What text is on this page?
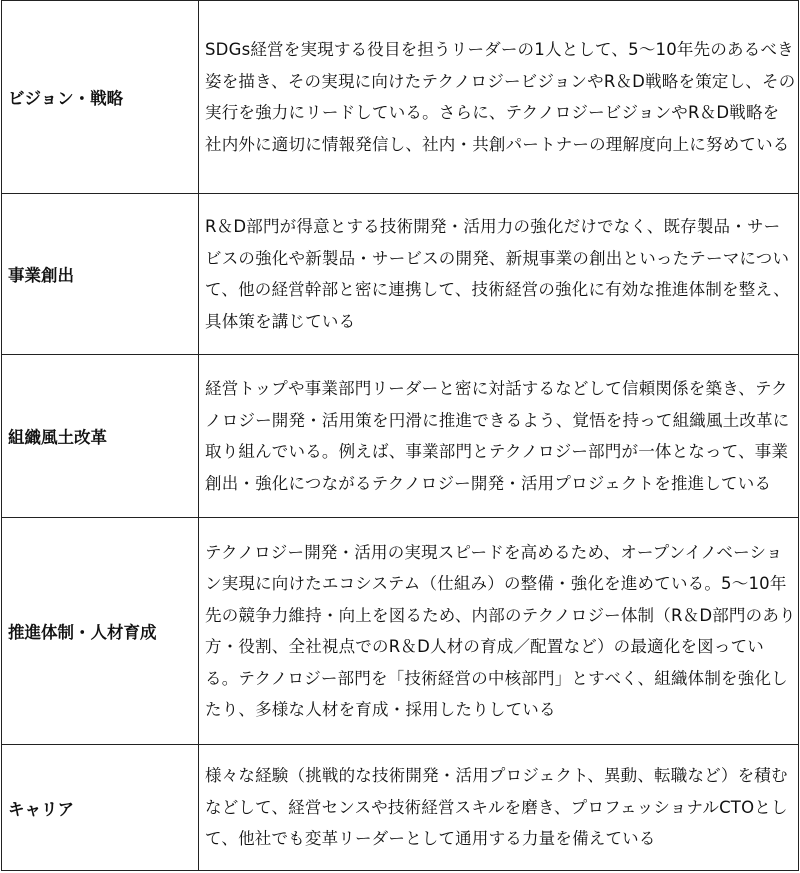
ビジョン・戦略	SDGs経営を実現する役目を担うリーダーの1人として、5～10年先のあるべき姿を描き、その実現に向けたテクノロジービジョンやR＆D戦略を策定し、その実行を強力にリードしている。さらに、テクノロジービジョンやR＆D戦略を社内外に適切に情報発信し、社内・共創パートナーの理解度向上に努めている
事業創出	R＆D部門が得意とする技術開発・活用力の強化だけでなく、既存製品・サービスの強化や新製品・サービスの開発、新規事業の創出といったテーマについて、他の経営幹部と密に連携して、技術経営の強化に有効な推進体制を整え、具体策を講じている
組織風土改革	経営トップや事業部門リーダーと密に対話するなどして信頼関係を築き、テクノロジー開発・活用策を円滑に推進できるよう、覚悟を持って組織風土改革に取り組んでいる。例えば、事業部門とテクノロジー部門が一体となって、事業創出・強化につながるテクノロジー開発・活用プロジェクトを推進している
推進体制・人材育成	テクノロジー開発・活用の実現スピードを高めるため、オープンイノベーション実現に向けたエコシステム（仕組み）の整備・強化を進めている。5～10年先の競争力維持・向上を図るため、内部のテクノロジー体制（R＆D部門のあり方・役割、全社視点でのR＆D人材の育成／配置など）の最適化を図っている。テクノロジー部門を「技術経営の中核部門」とすべく、組織体制を強化したり、多様な人材を育成・採用したりしている
キャリア	様々な経験（挑戦的な技術開発・活用プロジェクト、異動、転職など）を積むなどして、経営センスや技術経営スキルを磨き、プロフェッショナルCTOとして、他社でも変革リーダーとして通用する力量を備えている
